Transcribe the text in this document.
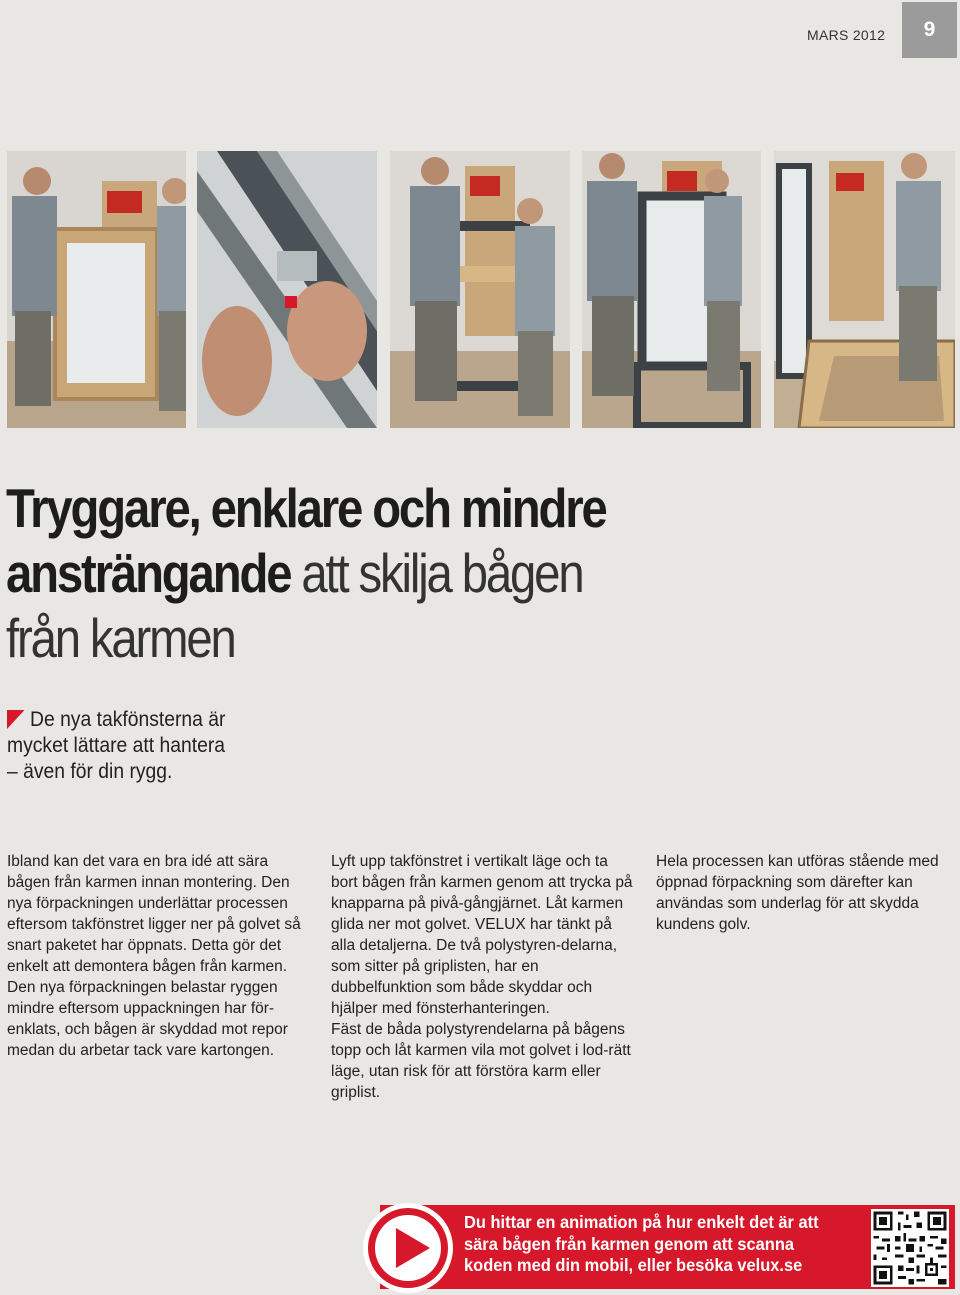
MARS 2012	9
Tryggare, enklare och mindre ansträngande att skilja bågen från karmen
De nya takfönsterna är
mycket lättare att hantera
– även för din rygg.

Ibland kan det vara en bra idé att sära bågen från karmen innan montering. Den nya förpackningen underlättar processen eftersom takfönstret ligger ner på golvet så snart paketet har öppnats. Detta gör det enkelt att demontera bågen från karmen.

Den nya förpackningen belastar ryggen mindre eftersom uppackningen har för-enklats, och bågen är skyddad mot repor medan du arbetar tack vare kartongen.

Lyft upp takfönstret i vertikalt läge och ta bort bågen från karmen genom att trycka på knapparna på pivå-gångjärnet. Låt karmen glida ner mot golvet. VELUX har tänkt på alla detaljerna. De två polystyren-delarna, som sitter på griplisten, har en dubbelfunktion som både skyddar och hjälper med fönsterhanteringen.

Fäst de båda polystyrendelarna på bågens topp och låt karmen vila mot golvet i lod-rätt läge, utan risk för att förstöra karm eller griplist.

Hela processen kan utföras stående med öppnad förpackning som därefter kan användas som underlag för att skydda kundens golv.

Du hittar en animation på hur enkelt det är att sära bågen från karmen genom att scanna koden med din mobil, eller besöka velux.se
